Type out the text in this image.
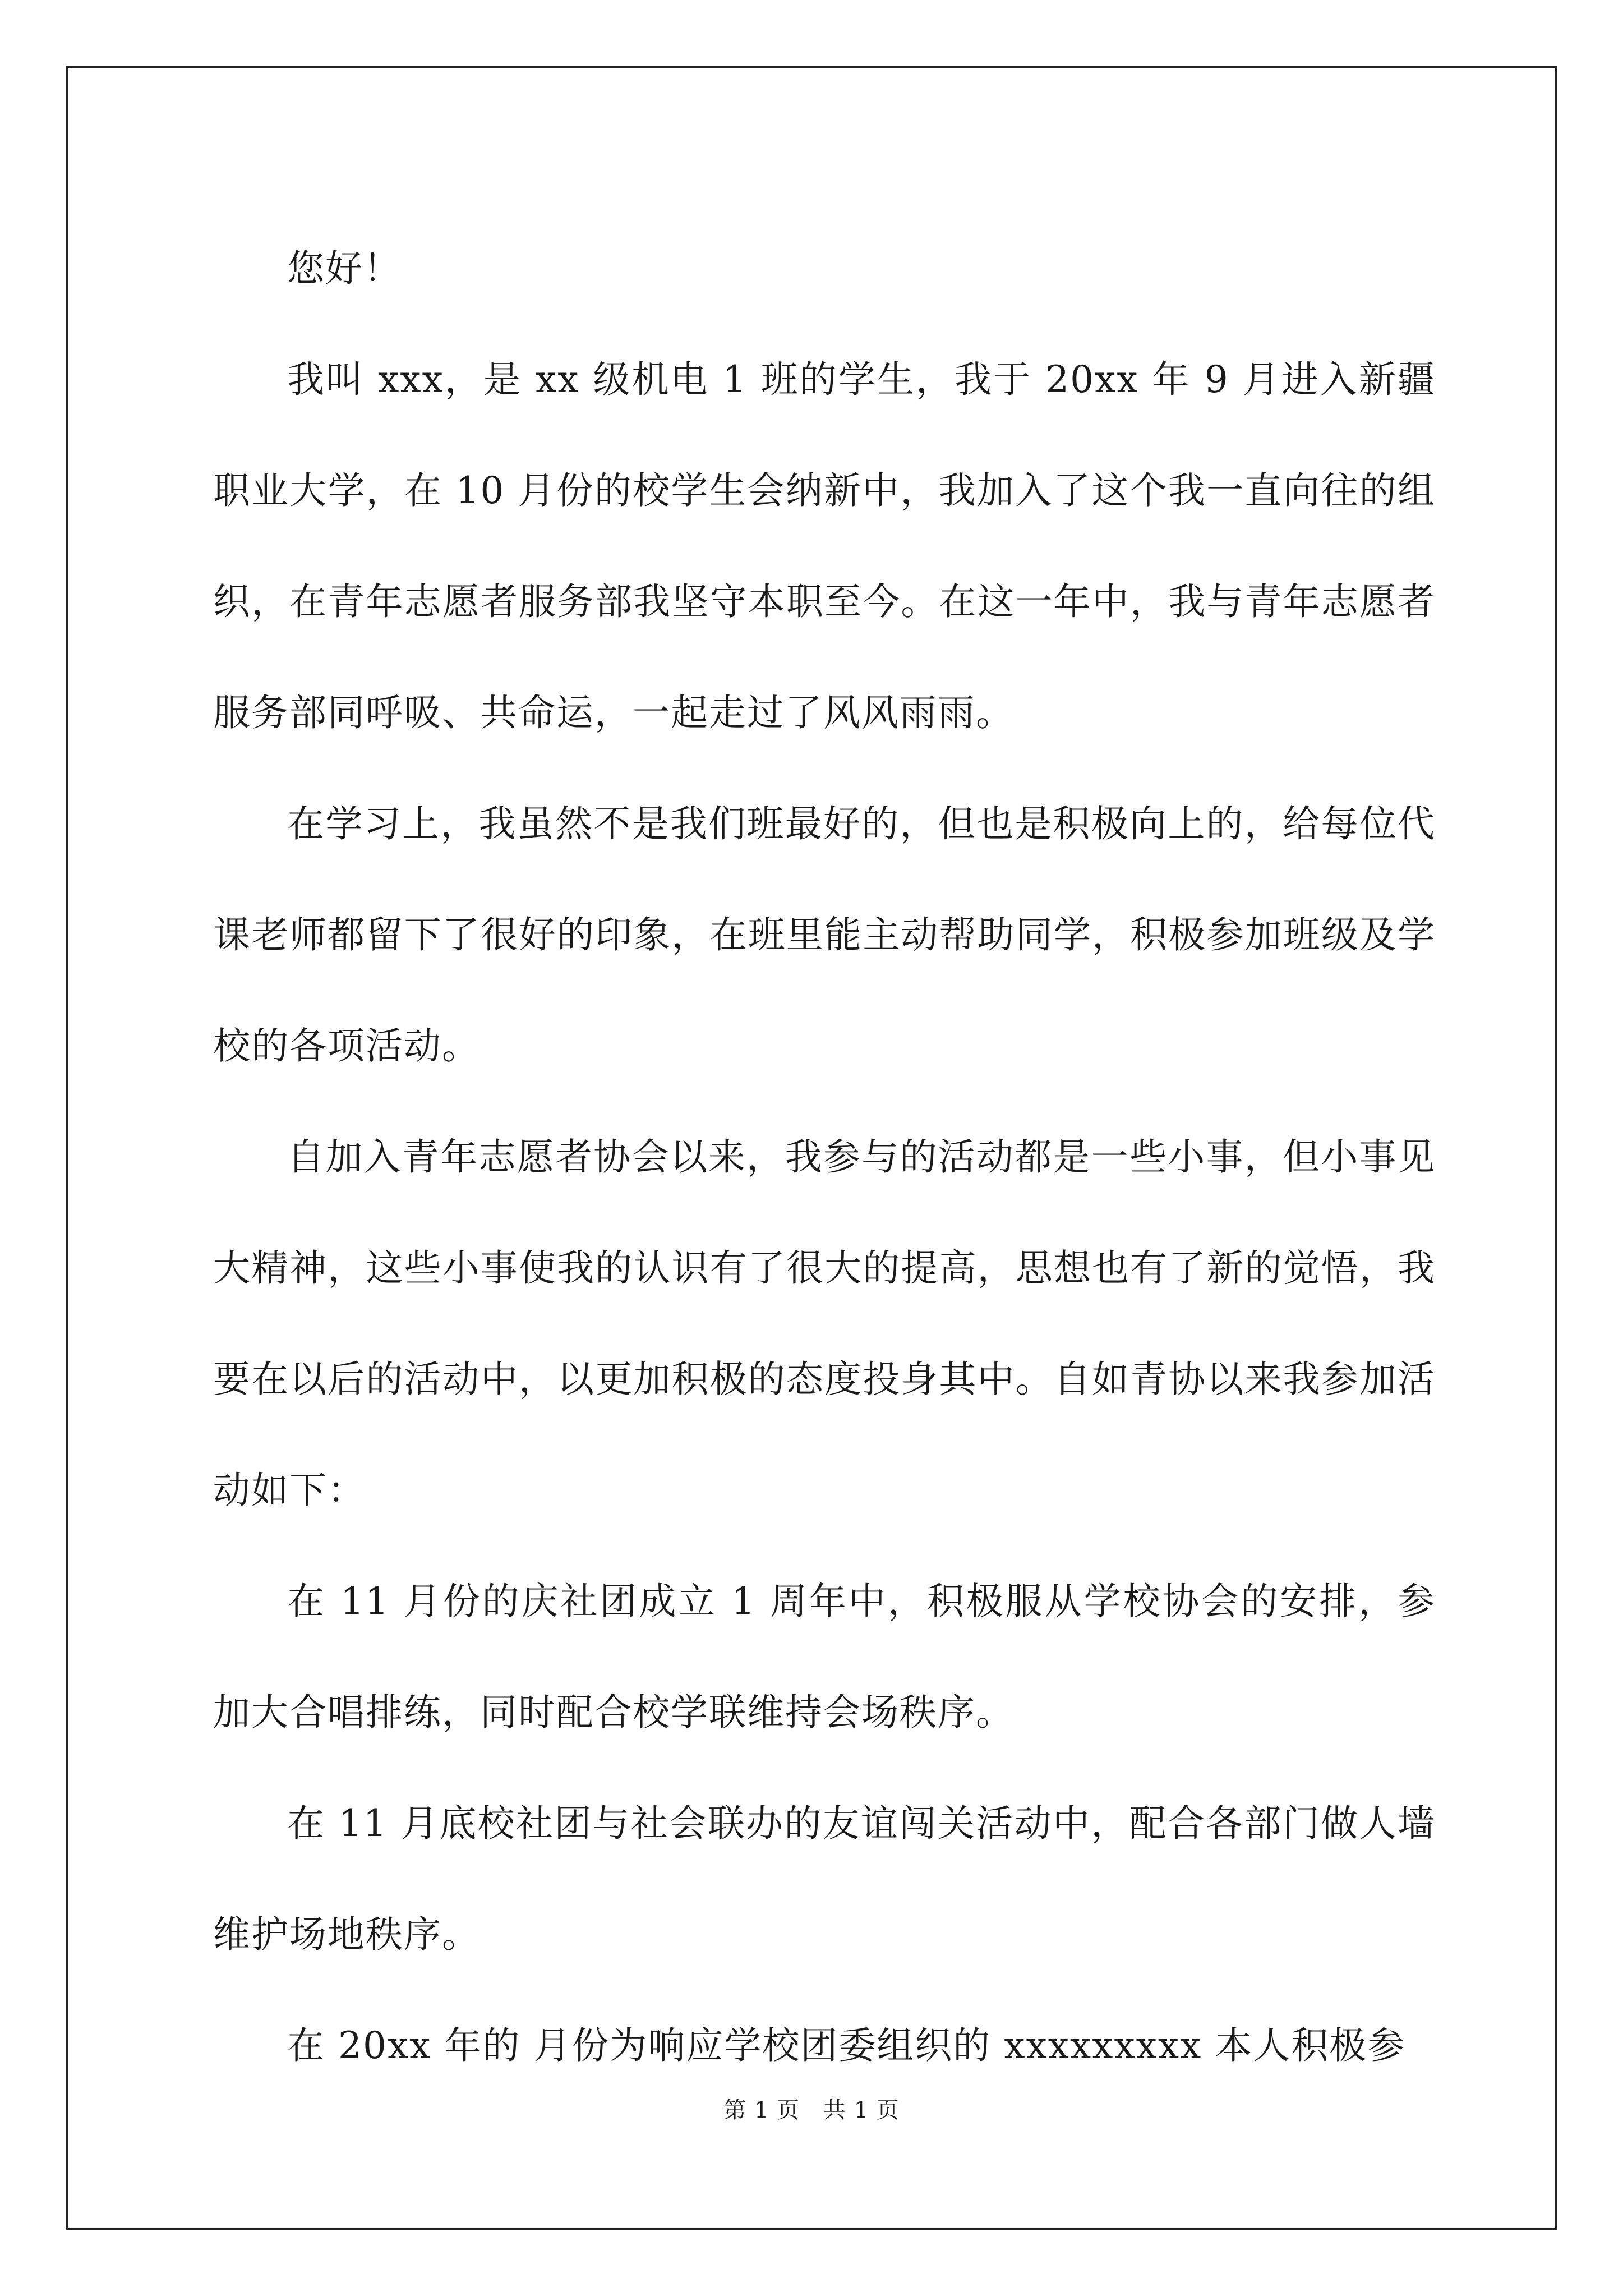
您好！

我叫 xxx，是 xx 级机电 1 班的学生，我于 20xx 年 9 月进入新疆职业大学，在 10 月份的校学生会纳新中，我加入了这个我一直向往的组织，在青年志愿者服务部我坚守本职至今。在这一年中，我与青年志愿者服务部同呼吸、共命运，一起走过了风风雨雨。

在学习上，我虽然不是我们班最好的，但也是积极向上的，给每位代课老师都留下了很好的印象，在班里能主动帮助同学，积极参加班级及学校的各项活动。

自加入青年志愿者协会以来，我参与的活动都是一些小事，但小事见大精神，这些小事使我的认识有了很大的提高，思想也有了新的觉悟，我要在以后的活动中，以更加积极的态度投身其中。自如青协以来我参加活动如下：

在 11 月份的庆社团成立 1 周年中，积极服从学校协会的安排，参加大合唱排练，同时配合校学联维持会场秩序。

在 11 月底校社团与社会联办的友谊闯关活动中，配合各部门做人墙维护场地秩序。

在 20xx 年的 月份为响应学校团委组织的 xxxxxxxxx 本人积极参

第 1 页 共 1 页
